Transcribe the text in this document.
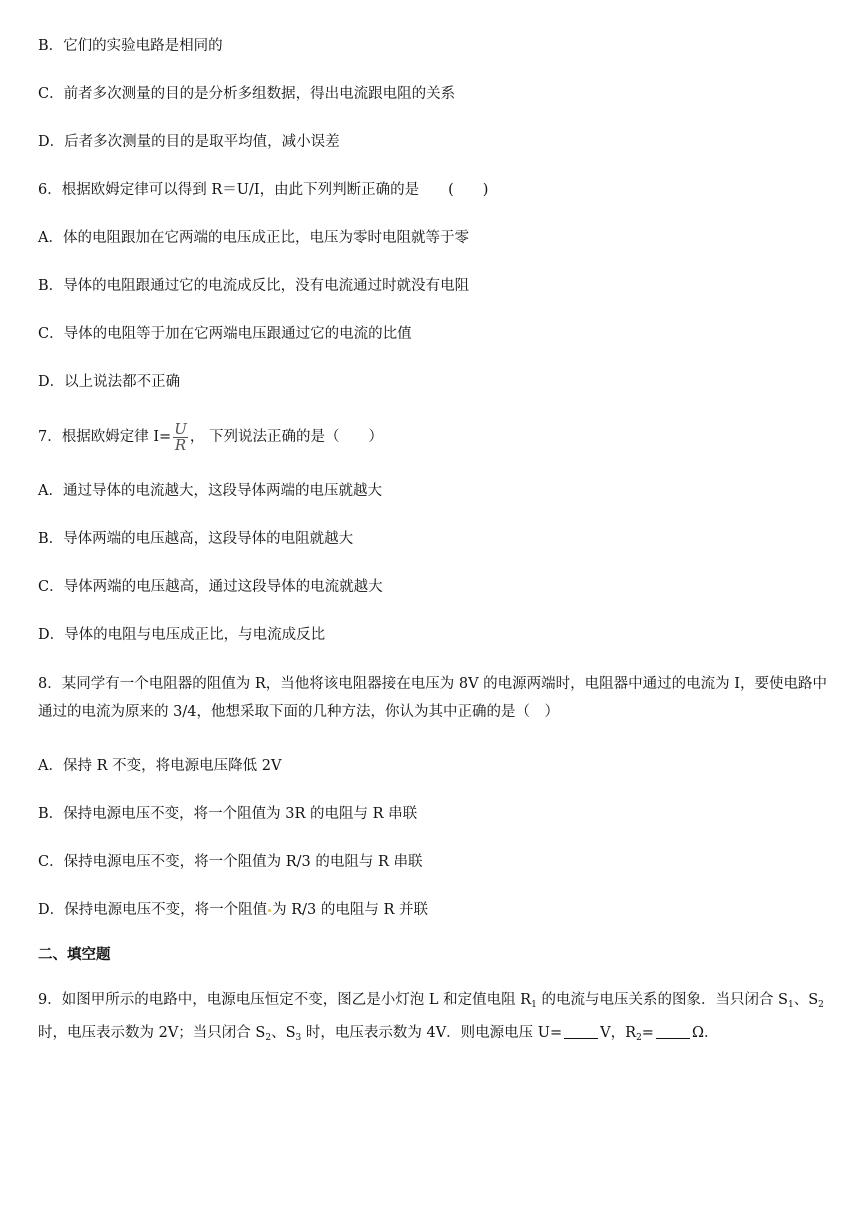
B．它们的实验电路是相同的
C．前者多次测量的目的是分析多组数据，得出电流跟电阻的关系
D．后者多次测量的目的是取平均值，减小误差
6．根据欧姆定律可以得到 R＝U/I，由此下列判断正确的是　　(　　)
A．体的电阻跟加在它两端的电压成正比，电压为零时电阻就等于零
B．导体的电阻跟通过它的电流成反比，没有电流通过时就没有电阻
C．导体的电阻等于加在它两端电压跟通过它的电流的比值
D．以上说法都不正确
7．根据欧姆定律 $I= \frac{U}{R}$ ， 下列说法正确的是（　　）
A．通过导体的电流越大，这段导体两端的电压就越大
B．导体两端的电压越高，这段导体的电阻就越大
C．导体两端的电压越高，通过这段导体的电流就越大
D．导体的电阻与电压成正比，与电流成反比
8．某同学有一个电阻器的阻值为 R，当他将该电阻器接在电压为 8V 的电源两端时，电阻器中通过的电流为 I，要使电路中通过的电流为原来的 3/4，他想采取下面的几种方法，你认为其中正确的是（　）
A．保持 R 不变，将电源电压降低 2V
B．保持电源电压不变，将一个阻值为 3R 的电阻与 R 串联
C．保持电源电压不变，将一个阻值为 R/3 的电阻与 R 串联
D．保持电源电压不变，将一个阻值 为 R/3 的电阻与 R 并联
二、填空题
9．如图甲所示的电路中，电源电压恒定不变，图乙是小灯泡 L 和定值电阻 $R_1$ 的电流与电压关系的图象．当只闭合 $S_1$、$S_2$ 时，电压表示数为 2V；当只闭合 $S_2$、$S_3$ 时，电压表示数为 4V．则电源电压 U=	V，$R_2=$	Ω．
